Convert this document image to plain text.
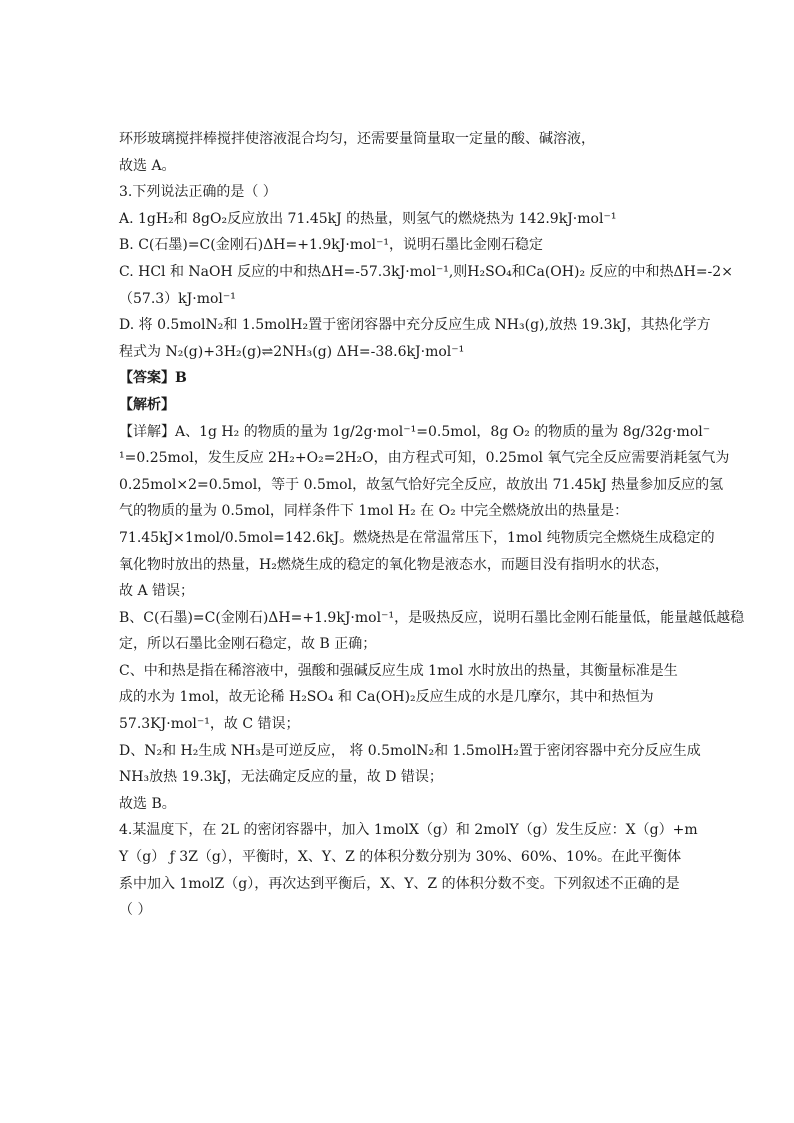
环形玻璃搅拌棒搅拌使溶液混合均匀，还需要量筒量取一定量的酸、碱溶液，
故选 A。
3.下列说法正确的是（ ）
A. 1gH₂和 8gO₂反应放出 71.45kJ 的热量，则氢气的燃烧热为 142.9kJ·mol⁻¹
B. C(石墨)=C(金刚石)ΔH=+1.9kJ·mol⁻¹，说明石墨比金刚石稳定
C. HCl 和 NaOH 反应的中和热ΔH=-57.3kJ·mol⁻¹,则H₂SO₄和Ca(OH)₂ 反应的中和热ΔH=-2×
（57.3）kJ·mol⁻¹
D. 将 0.5molN₂和 1.5molH₂置于密闭容器中充分反应生成 NH₃(g),放热 19.3kJ，其热化学方
程式为 N₂(g)+3H₂(g)⇌2NH₃(g) ΔH=-38.6kJ·mol⁻¹
【答案】B
【解析】
【详解】A、1g H₂ 的物质的量为 1g/2g·mol⁻¹=0.5mol，8g O₂ 的物质的量为 8g/32g·mol⁻
¹=0.25mol，发生反应 2H₂+O₂=2H₂O，由方程式可知，0.25mol 氧气完全反应需要消耗氢气为
0.25mol×2=0.5mol，等于 0.5mol，故氢气恰好完全反应，故放出 71.45kJ 热量参加反应的氢
气的物质的量为 0.5mol，同样条件下 1mol H₂ 在 O₂ 中完全燃烧放出的热量是：
71.45kJ×1mol/0.5mol=142.6kJ。燃烧热是在常温常压下，1mol 纯物质完全燃烧生成稳定的
氧化物时放出的热量，H₂燃烧生成的稳定的氧化物是液态水，而题目没有指明水的状态，
故 A 错误；
B、C(石墨)=C(金刚石)ΔH=+1.9kJ·mol⁻¹，是吸热反应，说明石墨比金刚石能量低，能量越低越稳
定，所以石墨比金刚石稳定，故 B 正确；
C、中和热是指在稀溶液中，强酸和强碱反应生成 1mol 水时放出的热量，其衡量标准是生
成的水为 1mol，故无论稀 H₂SO₄ 和 Ca(OH)₂反应生成的水是几摩尔，其中和热恒为
57.3KJ·mol⁻¹，故 C 错误；
D、N₂和 H₂生成 NH₃是可逆反应， 将 0.5molN₂和 1.5molH₂置于密闭容器中充分反应生成
NH₃放热 19.3kJ，无法确定反应的量，故 D 错误；
故选 B。
4.某温度下，在 2L 的密闭容器中，加入 1molX（g）和 2molY（g）发生反应：X（g）+m
Y（g） ƒ 3Z（g），平衡时，X、Y、Z 的体积分数分别为 30%、60%、10%。在此平衡体
系中加入 1molZ（g），再次达到平衡后，X、Y、Z 的体积分数不变。下列叙述不正确的是
（ ）
